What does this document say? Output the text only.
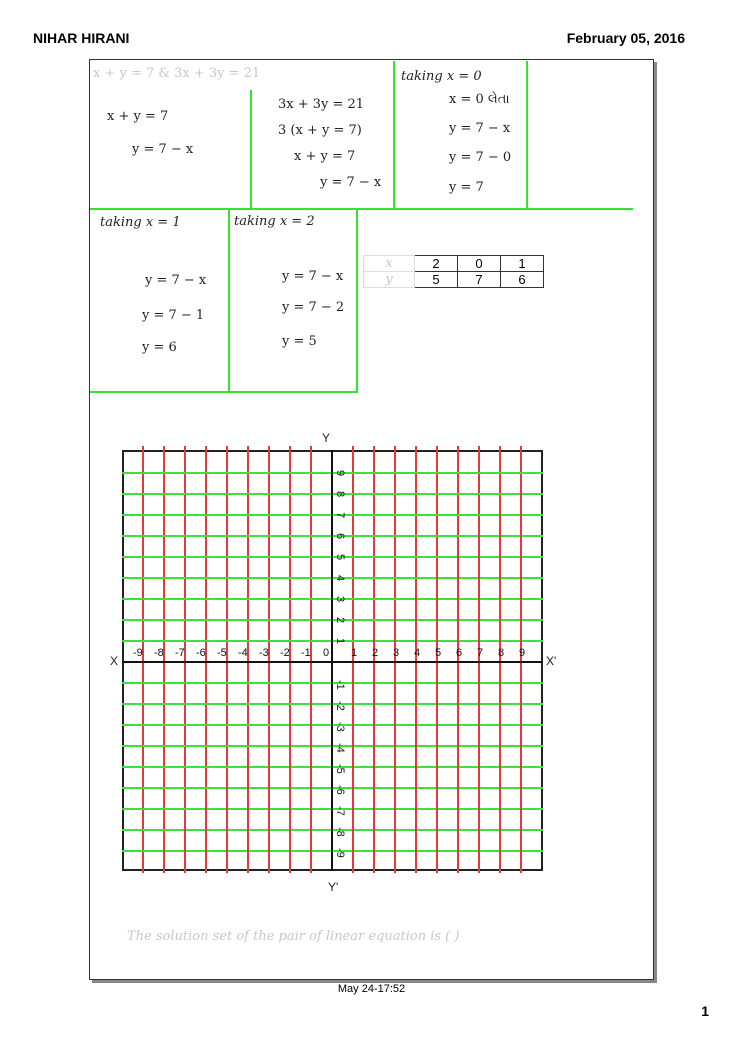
NIHAR HIRANI	February 05, 2016
x + y = 7 & 3x + 3y = 21
x + y = 7
y = 7 − x
3x + 3y = 21
3 (x + y = 7)
x + y = 7
y = 7 − x
taking x = 0
x = 0 લેતા
y = 7 − x
y = 7 − 0
y = 7
taking x = 1
y = 7 − x
y = 7 − 1
y = 6
taking x = 2
y = 7 − x
y = 7 − 2
y = 5
x	2	0	1
y	5	7	6
Y
Y'
X	X'
-9 -8 -7 -6 -5 -4 -3 -2 -1 0 1 2 3 4 5 6 7 8 9
9
8
7
6
5
4
3
2
1
-1
-2
-3
-4
-5
-6
-7
-8
-9
The solution set of the pair of linear equation is ( )
May 24-17:52
1
